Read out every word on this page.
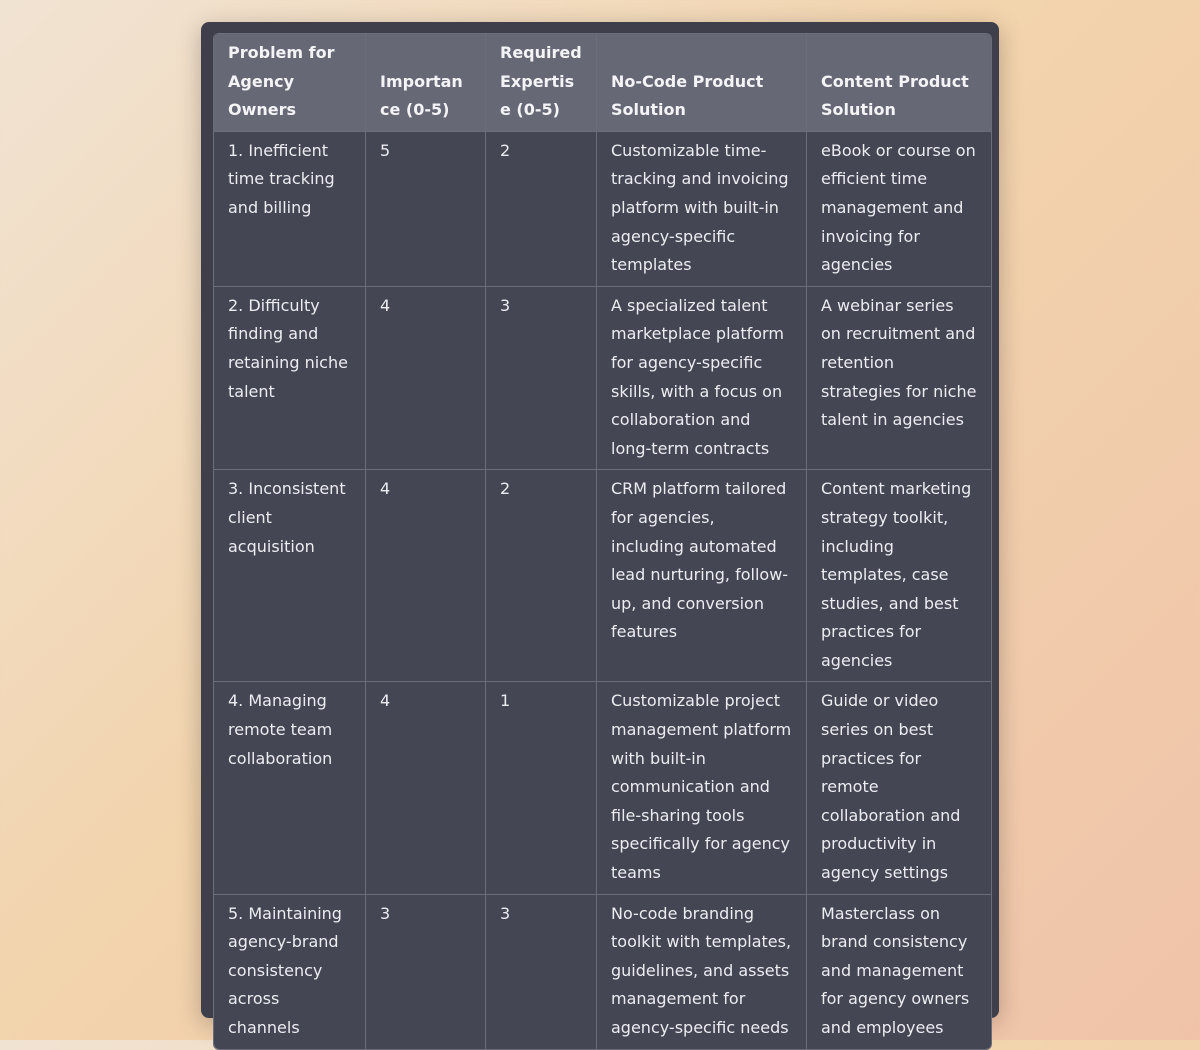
Problem for Agency Owners	Importance (0-5)	Required Expertise (0-5)	No-Code Product Solution	Content Product Solution
1. Inefficient time tracking and billing	5	2	Customizable time-tracking and invoicing platform with built-in agency-specific templates	eBook or course on efficient time management and invoicing for agencies
2. Difficulty finding and retaining niche talent	4	3	A specialized talent marketplace platform for agency-specific skills, with a focus on collaboration and long-term contracts	A webinar series on recruitment and retention strategies for niche talent in agencies
3. Inconsistent client acquisition	4	2	CRM platform tailored for agencies, including automated lead nurturing, follow-up, and conversion features	Content marketing strategy toolkit, including templates, case studies, and best practices for agencies
4. Managing remote team collaboration	4	1	Customizable project management platform with built-in communication and file-sharing tools specifically for agency teams	Guide or video series on best practices for remote collaboration and productivity in agency settings
5. Maintaining agency-brand consistency across channels	3	3	No-code branding toolkit with templates, guidelines, and assets management for agency-specific needs	Masterclass on brand consistency and management for agency owners and employees
